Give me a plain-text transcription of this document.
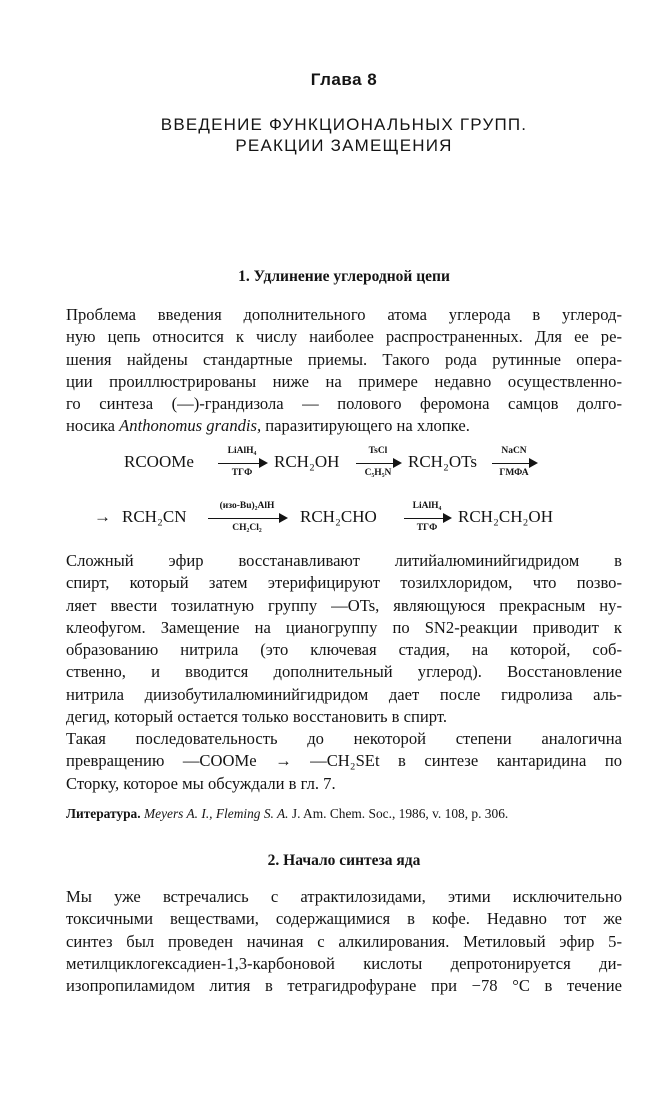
Глава 8
ВВЕДЕНИЕ ФУНКЦИОНАЛЬНЫХ ГРУПП.
РЕАКЦИИ ЗАМЕЩЕНИЯ
1. Удлинение углеродной цепи
Проблема введения дополнительного атома углерода в углерод-
ную цепь относится к числу наиболее распространенных. Для ее ре-
шения найдены стандартные приемы. Такого рода рутинные опера-
ции проиллюстрированы ниже на примере недавно осуществленно-
го синтеза (—)-грандизола — полового феромона самцов долго-
носика Anthonomus grandis, паразитирующего на хлопке.
RCOOMe
LiAlH₄
ТГФ
RCH₂OH
TsCl
C₅H₅N
RCH₂OTs
NaCN
ГМФА
→ RCH₂CN
(изо-Bu)₂AlH
CH₂Cl₂
RCH₂CHO
LiAlH₄
ТГФ
RCH₂CH₂OH
Сложный эфир восстанавливают литийалюминийгидридом в
спирт, который затем этерифицируют тозилхлоридом, что позво-
ляет ввести тозилатную группу —OTs, являющуюся прекрасным ну-
клеофугом. Замещение на цианогруппу по SN2-реакции приводит к
образованию нитрила (это ключевая стадия, на которой, соб-
ственно, и вводится дополнительный углерод). Восстановление
нитрила диизобутилалюминийгидридом дает после гидролиза аль-
дегид, который остается только восстановить в спирт.
Такая последовательность до некоторой степени аналогична
превращению —COOMe → —CH₂SEt в синтезе кантаридина по
Сторку, которое мы обсуждали в гл. 7.
Литература. Meyers A. I., Fleming S. A. J. Am. Chem. Soc., 1986, v. 108, p. 306.
2. Начало синтеза яда
Мы уже встречались с атрактилозидами, этими исключительно
токсичными веществами, содержащимися в кофе. Недавно тот же
синтез был проведен начиная с алкилирования. Метиловый эфир 5-
метилциклогексадиен-1,3-карбоновой кислоты депротонируется ди-
изопропиламидом лития в тетрагидрофуране при −78 °C в течение
